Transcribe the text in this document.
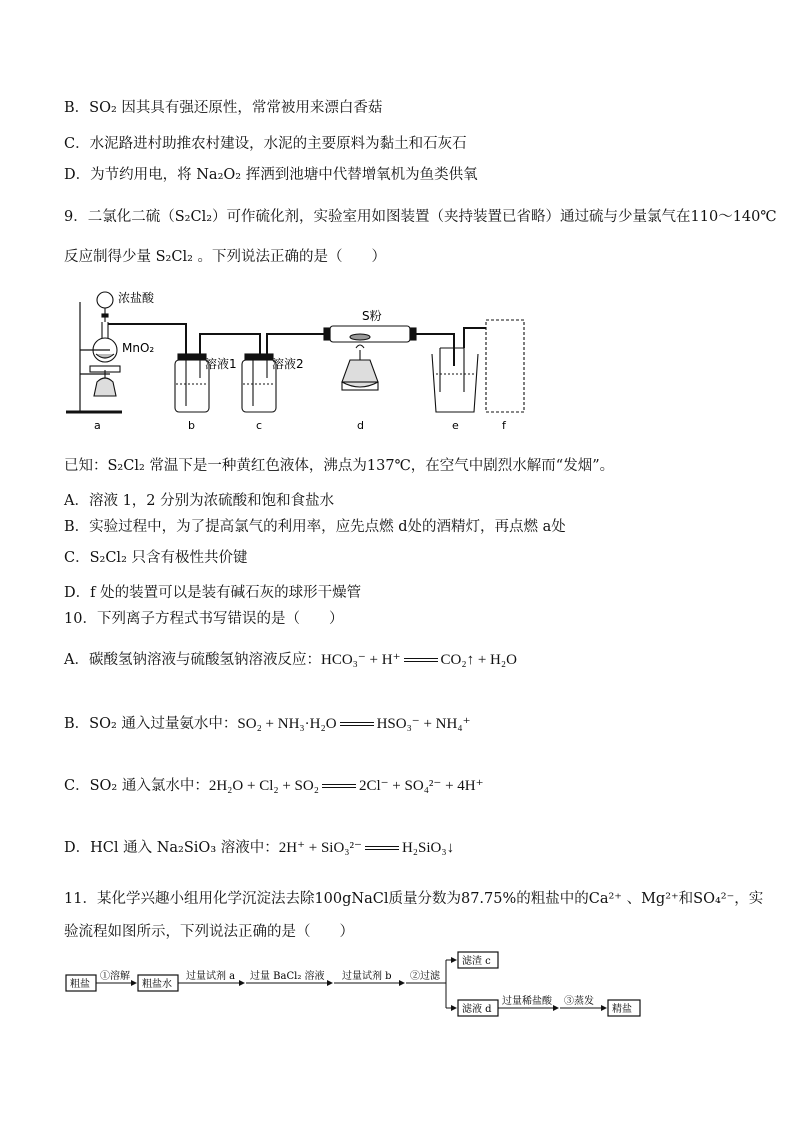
B．SO₂ 因其具有强还原性，常常被用来漂白香菇
C．水泥路进村助推农村建设，水泥的主要原料为黏土和石灰石
D．为节约用电，将 Na₂O₂ 挥洒到池塘中代替增氧机为鱼类供氧
9．二氯化二硫（S₂Cl₂）可作硫化剂，实验室用如图装置（夹持装置已省略）通过硫与少量氯气在110～140℃
反应制得少量 S₂Cl₂ 。下列说法正确的是（　　）
浓盐酸
MnO₂
溶液1	溶液2
S粉
a	b	c	d	e	f
已知：S₂Cl₂ 常温下是一种黄红色液体，沸点为137℃，在空气中剧烈水解而“发烟”。
A．溶液 1，2 分别为浓硫酸和饱和食盐水
B．实验过程中，为了提高氯气的利用率，应先点燃 d处的酒精灯，再点燃 a处
C．S₂Cl₂ 只含有极性共价键
D．f 处的装置可以是装有碱石灰的球形干燥管
10．下列离子方程式书写错误的是（　　）
A．碳酸氢钠溶液与硫酸氢钠溶液反应：HCO₃⁻ + H⁺	CO₂↑ + H₂O
B．SO₂ 通入过量氨水中：SO₂ + NH₃·H₂O	HSO₃⁻ + NH₄⁺
C．SO₂ 通入氯水中：2H₂O + Cl₂ + SO₂	2Cl⁻ + SO₄²⁻ + 4H⁺
D．HCl 通入 Na₂SiO₃ 溶液中：2H⁺ + SiO₃²⁻	H₂SiO₃↓
11．某化学兴趣小组用化学沉淀法去除100gNaCl质量分数为87.75%的粗盐中的Ca²⁺ 、Mg²⁺和SO₄²⁻，实
验流程如图所示，下列说法正确的是（　　）
粗盐
①溶解
粗盐水
过量试剂 a 过量 BaCl₂ 溶液 过量试剂 b ②过滤
滤渣 c
滤液 d
过量稀盐酸 ③蒸发
精盐
